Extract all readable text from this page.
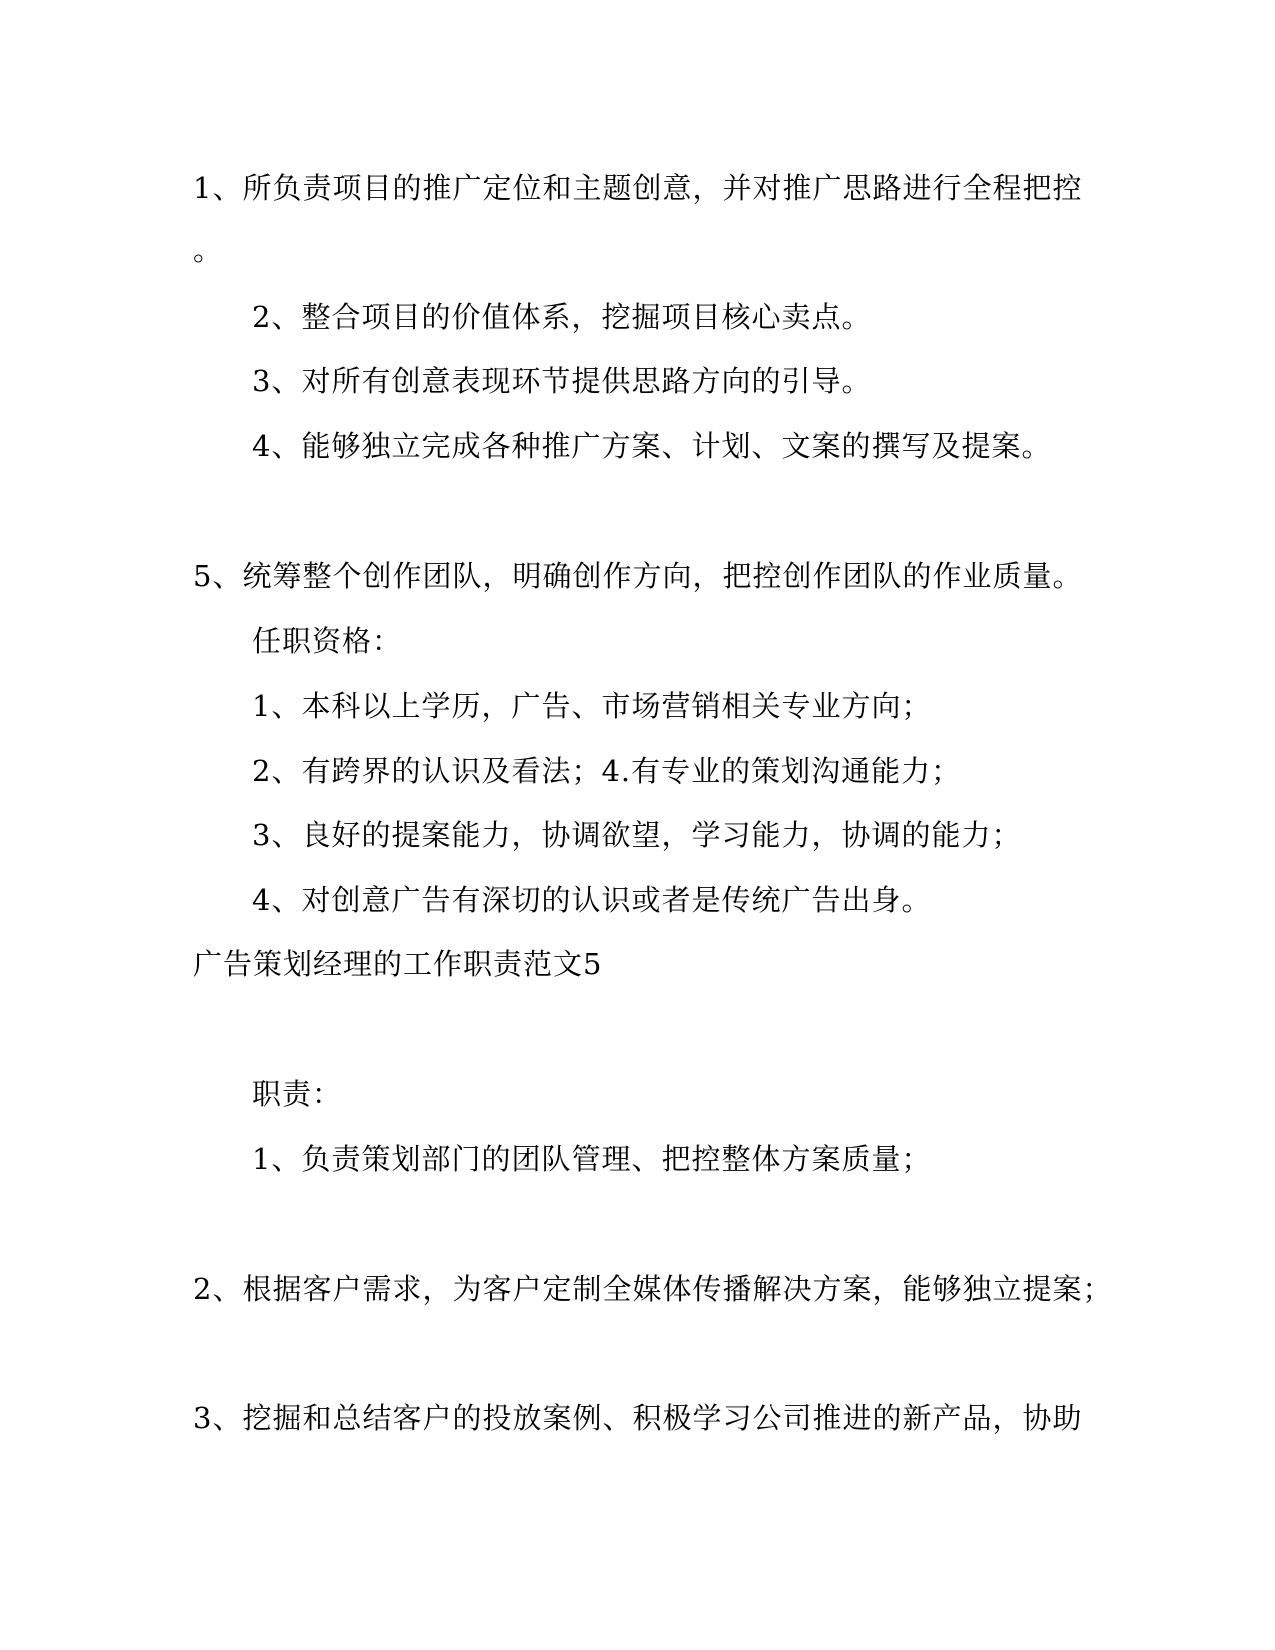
1、所负责项目的推广定位和主题创意，并对推广思路进行全程把控
。
2、整合项目的价值体系，挖掘项目核心卖点。
3、对所有创意表现环节提供思路方向的引导。
4、能够独立完成各种推广方案、计划、文案的撰写及提案。
5、统筹整个创作团队，明确创作方向，把控创作团队的作业质量。
任职资格：
1、本科以上学历，广告、市场营销相关专业方向；
2、有跨界的认识及看法；4.有专业的策划沟通能力；
3、良好的提案能力，协调欲望，学习能力，协调的能力；
4、对创意广告有深切的认识或者是传统广告出身。
广告策划经理的工作职责范文5
职责：
1、负责策划部门的团队管理、把控整体方案质量；
2、根据客户需求，为客户定制全媒体传播解决方案，能够独立提案；
3、挖掘和总结客户的投放案例、积极学习公司推进的新产品，协助
